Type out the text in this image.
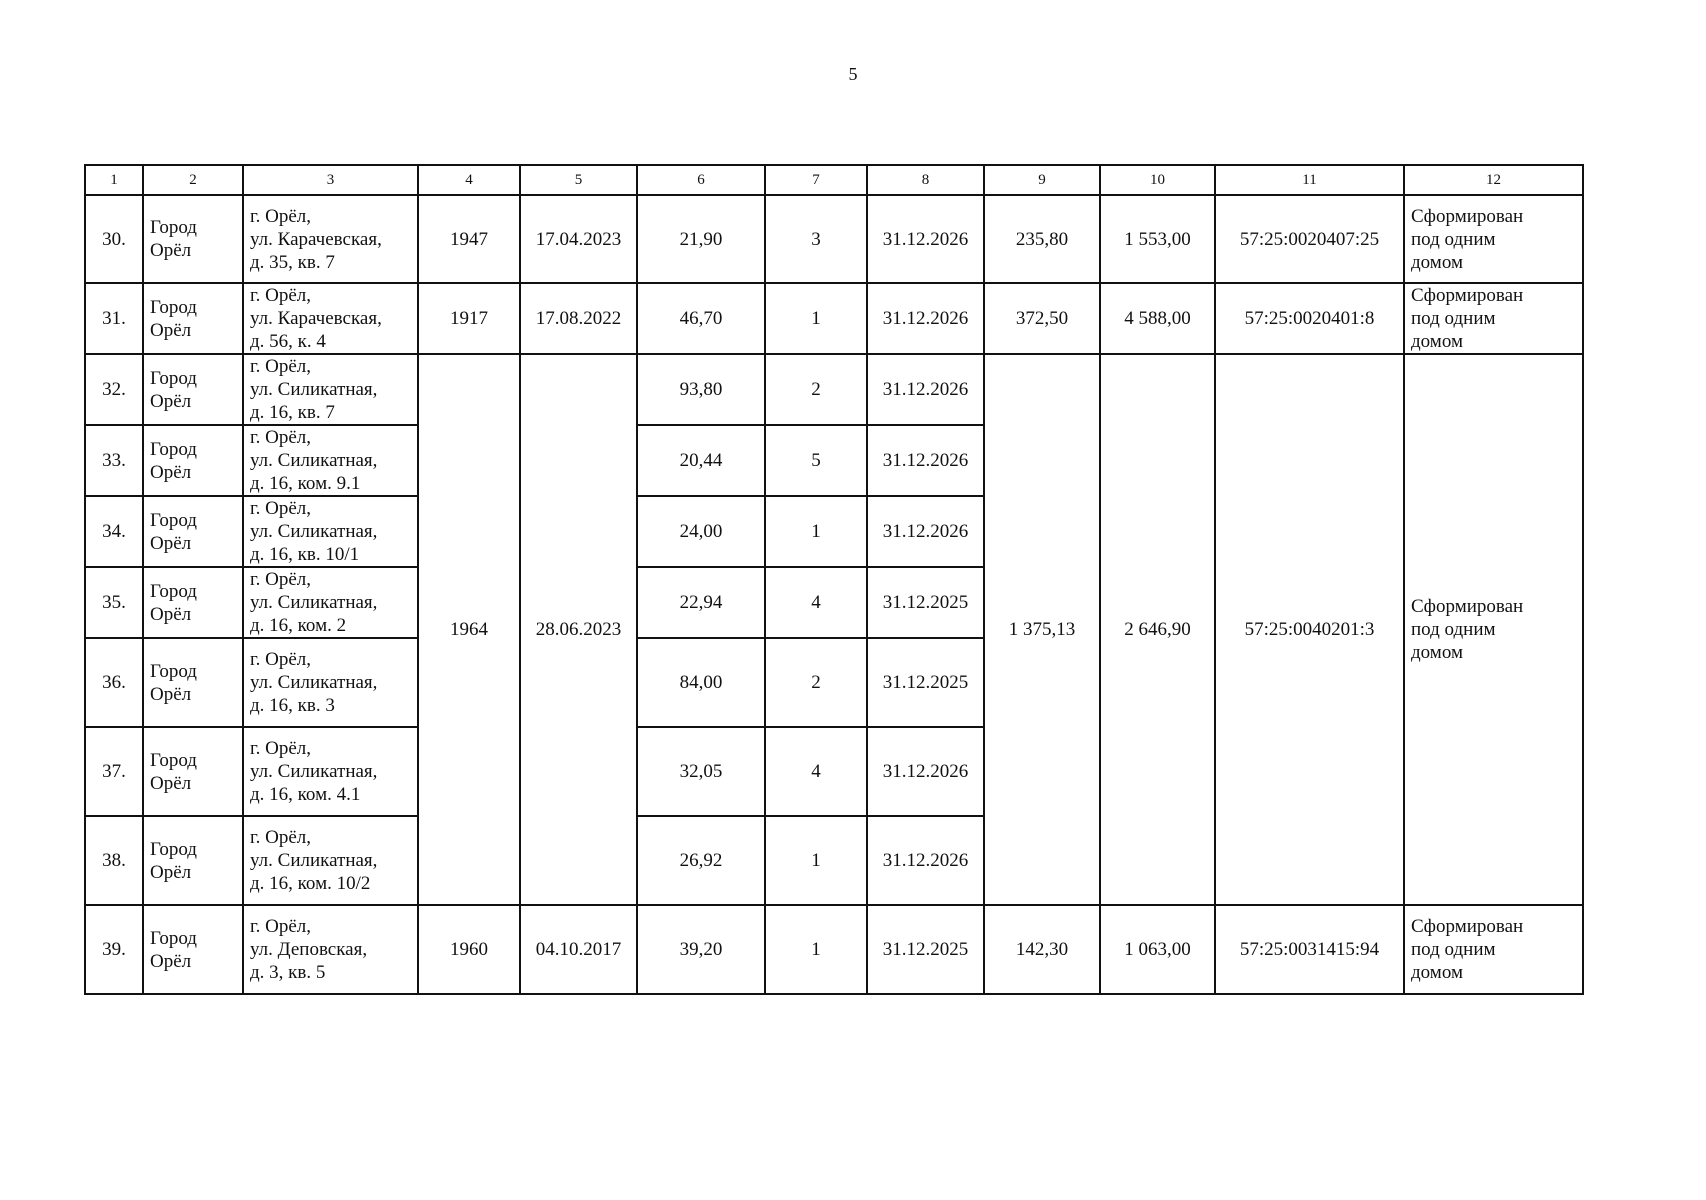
5
1	2	3	4	5	6	7	8	9	10	11	12
30.	Город
Орёл	г. Орёл,
ул. Карачевская,
д. 35, кв. 7	1947	17.04.2023	21,90	3	31.12.2026	235,80	1 553,00	57:25:0020407:25	Сформирован
под одним
домом

31.	Город
Орёл	г. Орёл,
ул. Карачевская,
д. 56, к. 4	1917	17.08.2022	46,70	1	31.12.2026	372,50	4 588,00	57:25:0020401:8	Сформирован
под одним
домом

32.	Город
Орёл	г. Орёл,
ул. Силикатная,
д. 16, кв. 7	1964	28.06.2023	93,80	2	31.12.2026	1 375,13	2 646,90	57:25:0040201:3	Сформирован
под одним
домом

33.	Город
Орёл	г. Орёл,
ул. Силикатная,
д. 16, ком. 9.1			20,44	5	31.12.2026				
34.	Город
Орёл	г. Орёл,
ул. Силикатная,
д. 16, кв. 10/1			24,00	1	31.12.2026				
35.	Город
Орёл	г. Орёл,
ул. Силикатная,
д. 16, ком. 2			22,94	4	31.12.2025				
36.	Город
Орёл	г. Орёл,
ул. Силикатная,
д. 16, кв. 3			84,00	2	31.12.2025				
37.	Город
Орёл	г. Орёл,
ул. Силикатная,
д. 16, ком. 4.1			32,05	4	31.12.2026				
38.	Город
Орёл	г. Орёл,
ул. Силикатная,
д. 16, ком. 10/2			26,92	1	31.12.2026				
39.	Город
Орёл	г. Орёл,
ул. Деповская,
д. 3, кв. 5	1960	04.10.2017	39,20	1	31.12.2025	142,30	1 063,00	57:25:0031415:94	Сформирован
под одним
домом
